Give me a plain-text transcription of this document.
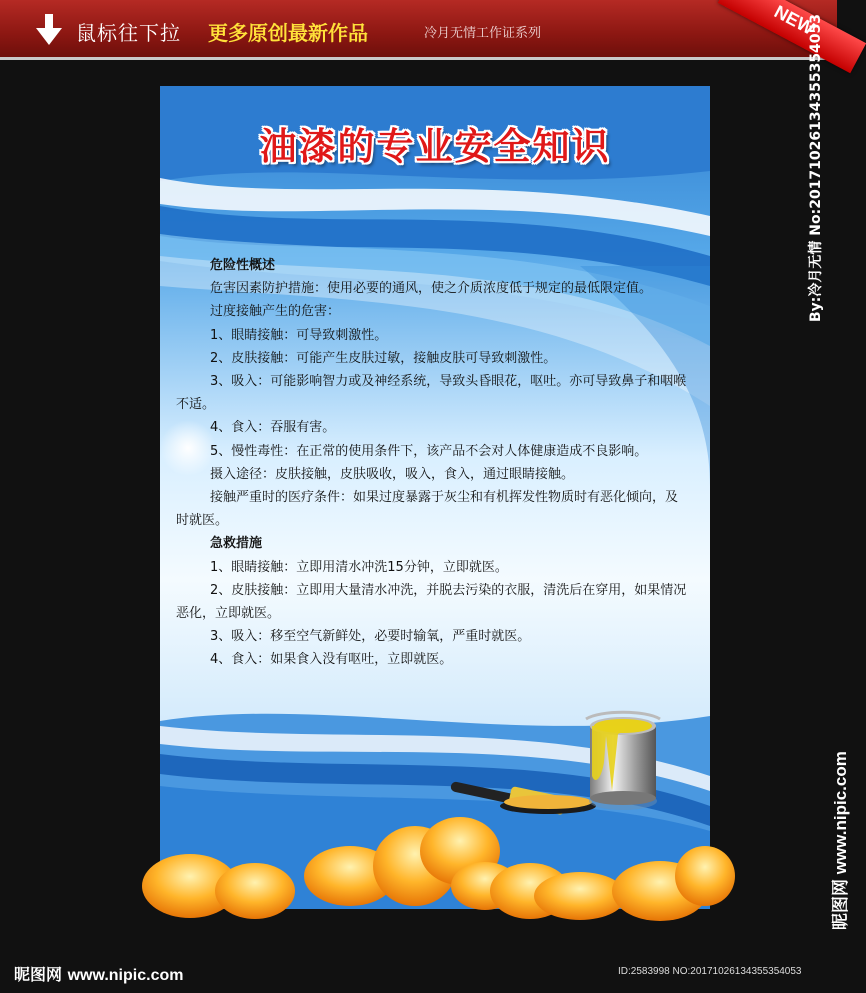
鼠标往下拉 更多原创最新作品	冷月无情工作证系列	NEW
By:冷月无情 No:20171026134355354053
昵图网 www.nipic.com
油漆的专业安全知识
危险性概述

危害因素防护措施：使用必要的通风，使之介质浓度低于规定的最低限定值。

过度接触产生的危害：

1、眼睛接触：可导致刺激性。

2、皮肤接触：可能产生皮肤过敏，接触皮肤可导致刺激性。

3、吸入：可能影响智力或及神经系统，导致头昏眼花，呕吐。亦可导致鼻子和咽喉不适。

4、食入：吞服有害。

5、慢性毒性：在正常的使用条件下，该产品不会对人体健康造成不良影响。

摄入途径：皮肤接触，皮肤吸收，吸入，食入，通过眼睛接触。

接触严重时的医疗条件：如果过度暴露于灰尘和有机挥发性物质时有恶化倾向，及时就医。

急救措施

1、眼睛接触：立即用清水冲洗15分钟，立即就医。

2、皮肤接触：立即用大量清水冲洗，并脱去污染的衣服，清洗后在穿用，如果情况恶化，立即就医。

3、吸入：移至空气新鲜处，必要时输氧，严重时就医。

4、食入：如果食入没有呕吐，立即就医。

昵图网 www.nipic.com	ID:2583998 NO:20171026134355354053
